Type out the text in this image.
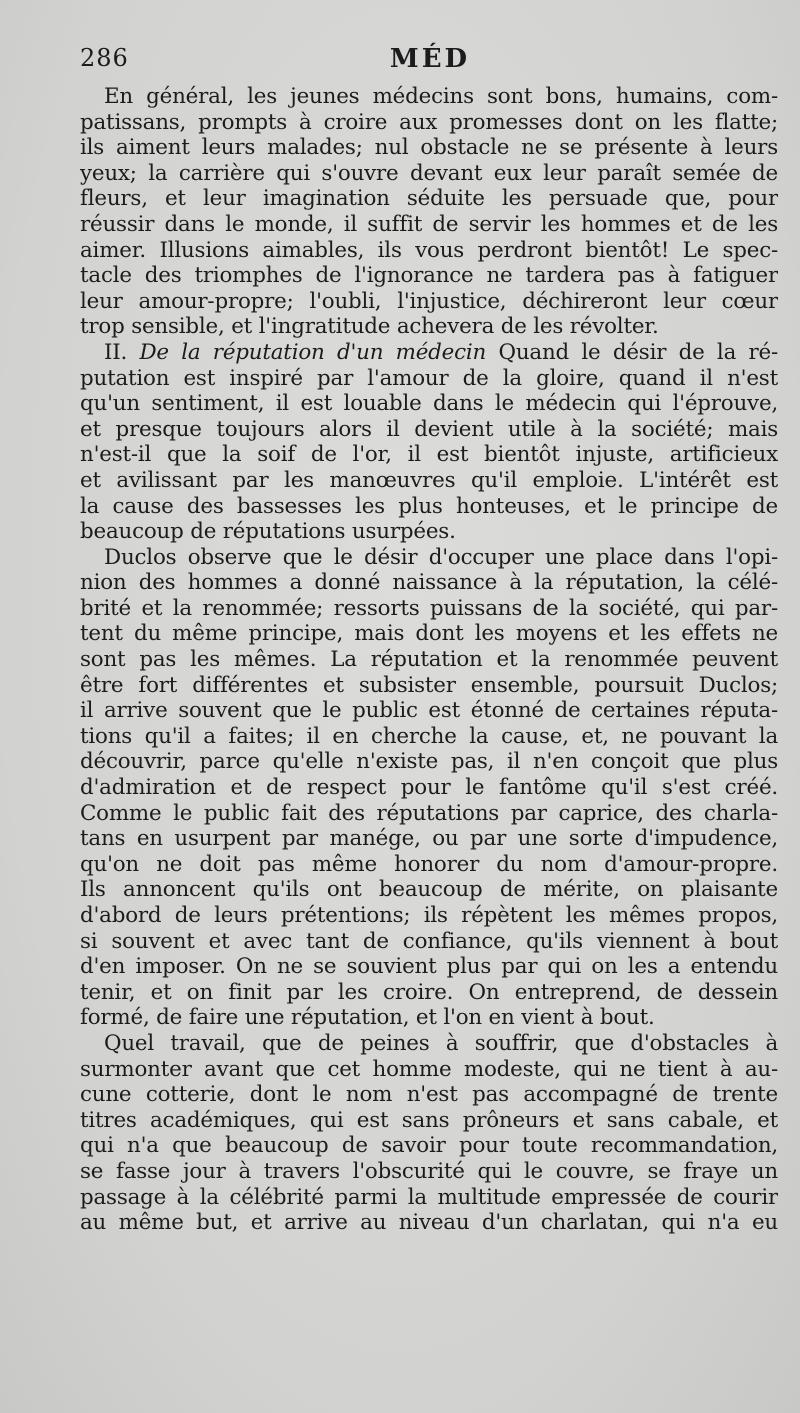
286	MÉD
En général, les jeunes médecins sont bons, humains, com-
patissans, prompts à croire aux promesses dont on les flatte;
ils aiment leurs malades; nul obstacle ne se présente à leurs
yeux; la carrière qui s'ouvre devant eux leur paraît semée de
fleurs, et leur imagination séduite les persuade que, pour
réussir dans le monde, il suffit de servir les hommes et de les
aimer. Illusions aimables, ils vous perdront bientôt! Le spec-
tacle des triomphes de l'ignorance ne tardera pas à fatiguer
leur amour-propre; l'oubli, l'injustice, déchireront leur cœur
trop sensible, et l'ingratitude achevera de les révolter.
II. De la réputation d'un médecin Quand le désir de la ré-
putation est inspiré par l'amour de la gloire, quand il n'est
qu'un sentiment, il est louable dans le médecin qui l'éprouve,
et presque toujours alors il devient utile à la société; mais
n'est-il que la soif de l'or, il est bientôt injuste, artificieux
et avilissant par les manœuvres qu'il emploie. L'intérêt est
la cause des bassesses les plus honteuses, et le principe de
beaucoup de réputations usurpées.
Duclos observe que le désir d'occuper une place dans l'opi-
nion des hommes a donné naissance à la réputation, la célé-
brité et la renommée; ressorts puissans de la société, qui par-
tent du même principe, mais dont les moyens et les effets ne
sont pas les mêmes. La réputation et la renommée peuvent
être fort différentes et subsister ensemble, poursuit Duclos;
il arrive souvent que le public est étonné de certaines réputa-
tions qu'il a faites; il en cherche la cause, et, ne pouvant la
découvrir, parce qu'elle n'existe pas, il n'en conçoit que plus
d'admiration et de respect pour le fantôme qu'il s'est créé.
Comme le public fait des réputations par caprice, des charla-
tans en usurpent par manége, ou par une sorte d'impudence,
qu'on ne doit pas même honorer du nom d'amour-propre.
Ils annoncent qu'ils ont beaucoup de mérite, on plaisante
d'abord de leurs prétentions; ils répètent les mêmes propos,
si souvent et avec tant de confiance, qu'ils viennent à bout
d'en imposer. On ne se souvient plus par qui on les a entendu
tenir, et on finit par les croire. On entreprend, de dessein
formé, de faire une réputation, et l'on en vient à bout.
Quel travail, que de peines à souffrir, que d'obstacles à
surmonter avant que cet homme modeste, qui ne tient à au-
cune cotterie, dont le nom n'est pas accompagné de trente
titres académiques, qui est sans prôneurs et sans cabale, et
qui n'a que beaucoup de savoir pour toute recommandation,
se fasse jour à travers l'obscurité qui le couvre, se fraye un
passage à la célébrité parmi la multitude empressée de courir
au même but, et arrive au niveau d'un charlatan, qui n'a eu
